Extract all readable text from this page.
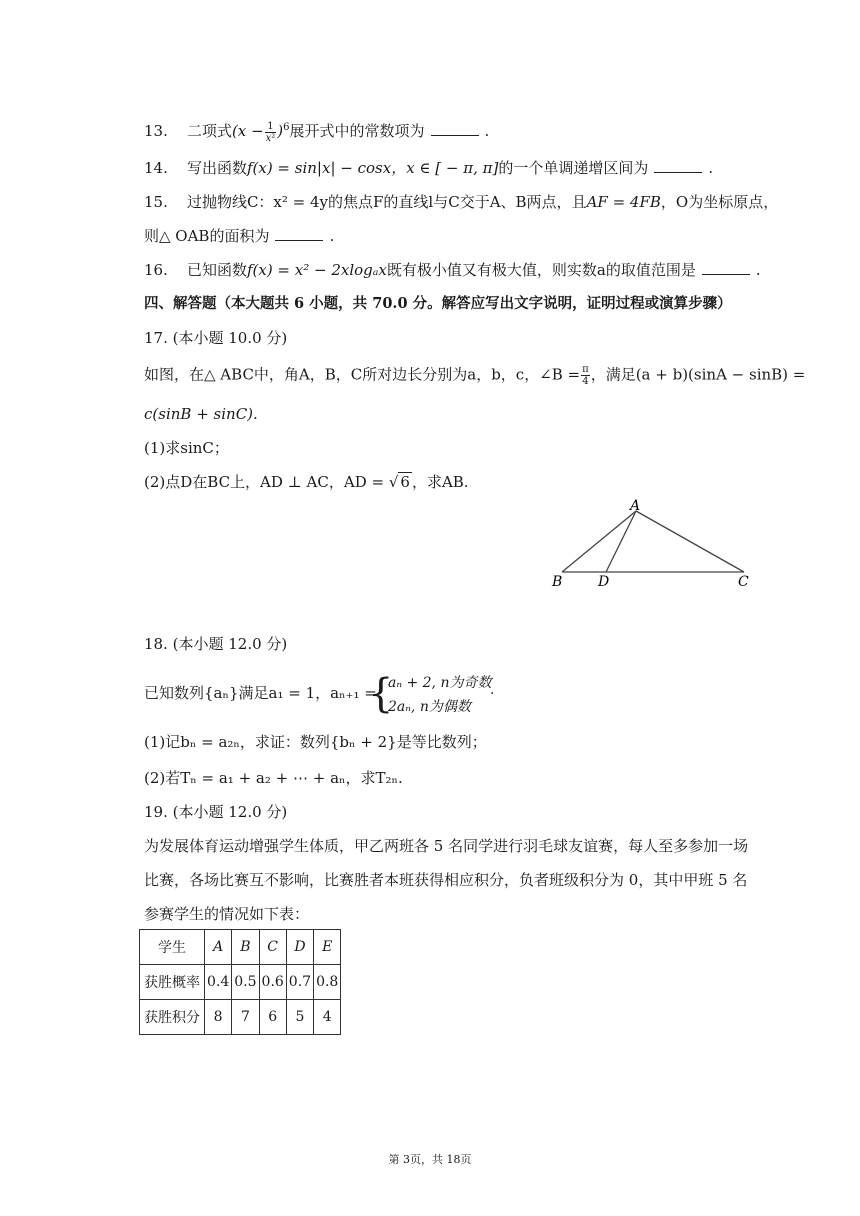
13. 二项式$(x - \frac{1}{\text{x²}} )^6$展开式中的常数项为	.
14. 写出函数f(x) = sin|x| − cosx，x ∈ [ − π, π]的一个单调递增区间为	.
15. 过抛物线C：x² = 4y的焦点F的直线l与C交于A、B两点，且AF = 4FB，O为坐标原点，
则△ OAB的面积为	.
16. 已知函数f(x) = x² − 2xlogₐx既有极小值又有极大值，则实数a的取值范围是	.
四、解答题（本大题共 6 小题，共 70.0 分。解答应写出文字说明，证明过程或演算步骤）
17. (本小题 10.0 分)
如图，在△ ABC中，角A，B，C所对边长分别为a，b，c，∠B = $\frac{\pi}{4}$ ，满足(a + b)(sinA − sinB) =
c(sinB + sinC).
(1)求sinC；
(2)点D在BC上，AD ⊥ AC，AD = √ 6 ，求AB.
A
B	D	C
18. (本小题 12.0 分)
已知数列{aₙ}满足a₁ = 1，aₙ₊₁ =
{
aₙ + 2, n为奇数
2aₙ, n为偶数
.
(1)记bₙ = a₂ₙ，求证：数列{bₙ + 2}是等比数列；
(2)若Tₙ = a₁ + a₂ + ⋯ + aₙ，求T₂ₙ.
19. (本小题 12.0 分)
为发展体育运动增强学生体质，甲乙两班各 5 名同学进行羽毛球友谊赛，每人至多参加一场
比赛，各场比赛互不影响，比赛胜者本班获得相应积分，负者班级积分为 0，其中甲班 5 名
参赛学生的情况如下表：
学生	A	B	C	D	E
获胜概率	0.4	0.5	0.6	0.7	0.8
获胜积分	8	7	6	5	4
第 3页，共 18页
